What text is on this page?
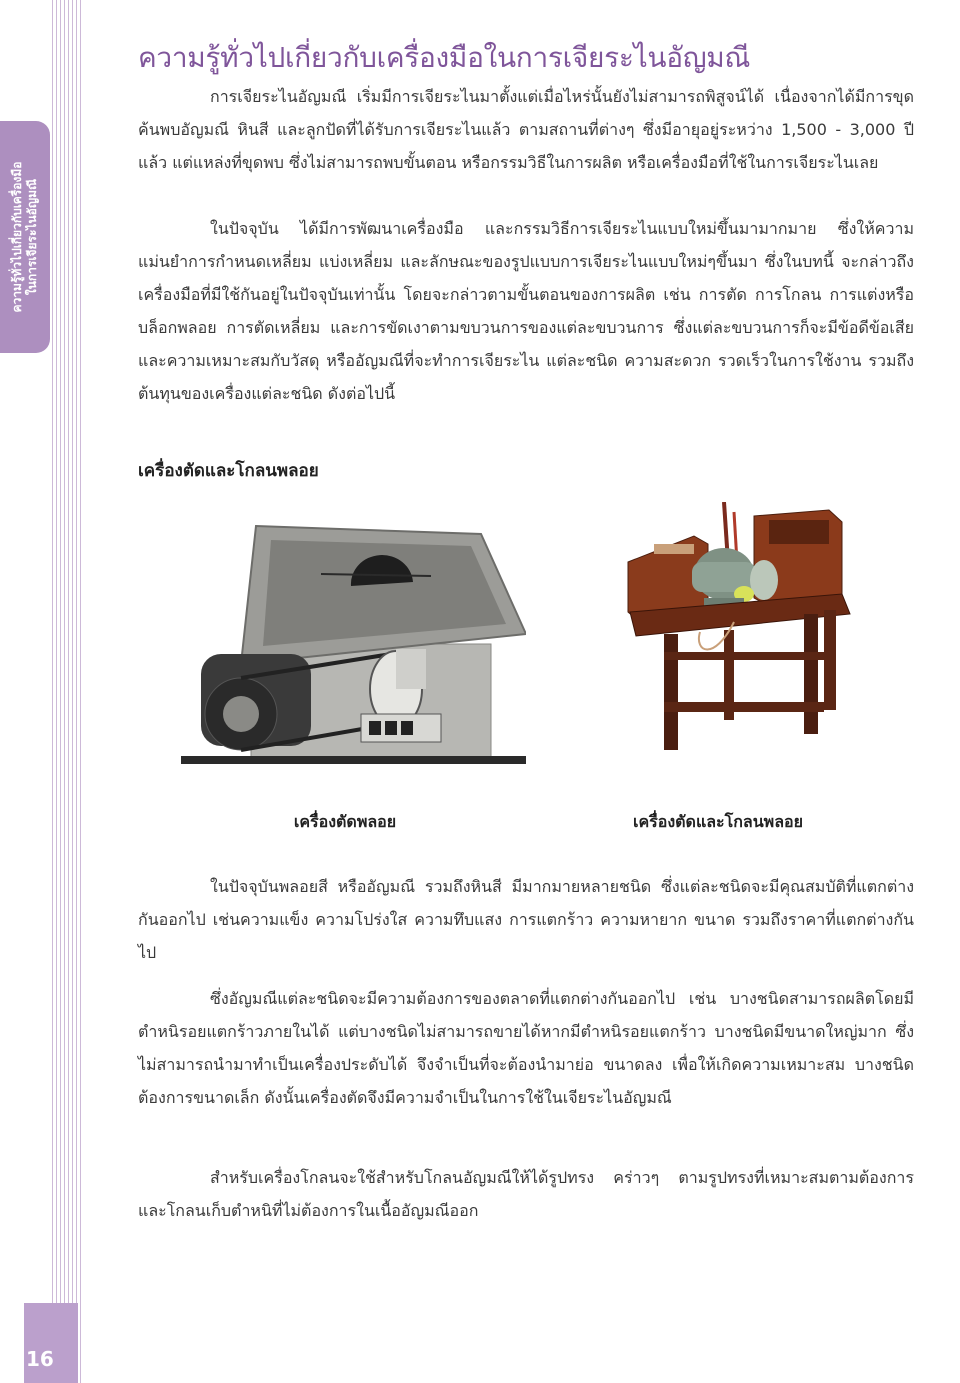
ความรู้ทั่วไปเกี่ยวกับเครื่องมือ ในการเจียระไนอัญมณี
16
ความรู้ทั่วไปเกี่ยวกับเครื่องมือในการเจียระไนอัญมณี

การเจียระไนอัญมณี เริ่มมีการเจียระไนมาตั้งแต่เมื่อไหร่นั้นยังไม่สามารถพิสูจน์ได้ เนื่องจากได้มีการขุดค้นพบอัญมณี หินสี และลูกปัดที่ได้รับการเจียระไนแล้ว ตามสถานที่ต่างๆ ซึ่งมีอายุอยู่ระหว่าง 1,500 - 3,000 ปีแล้ว แต่แหล่งที่ขุดพบ ซึ่งไม่สามารถพบขั้นตอน หรือกรรมวิธีในการผลิต หรือเครื่องมือที่ใช้ในการเจียระไนเลย

ในปัจจุบัน ได้มีการพัฒนาเครื่องมือ และกรรมวิธีการเจียระไนแบบใหม่ขึ้นมามากมาย ซึ่งให้ความแม่นยำการกำหนดเหลี่ยม แบ่งเหลี่ยม และลักษณะของรูปแบบการเจียระไนแบบใหม่ๆขึ้นมา ซึ่งในบทนี้ จะกล่าวถึงเครื่องมือที่มีใช้กันอยู่ในปัจจุบันเท่านั้น โดยจะกล่าวตามขั้นตอนของการผลิต เช่น การตัด การโกลน การแต่งหรือบล็อกพลอย การตัดเหลี่ยม และการขัดเงาตามขบวนการของแต่ละขบวนการ ซึ่งแต่ละขบวนการก็จะมีข้อดีข้อเสีย และความเหมาะสมกับวัสดุ หรืออัญมณีที่จะทำการเจียระไน แต่ละชนิด ความสะดวก รวดเร็วในการใช้งาน รวมถึงต้นทุนของเครื่องแต่ละชนิด ดังต่อไปนี้

เครื่องตัดและโกลนพลอย
เครื่องตัดพลอย	เครื่องตัดและโกลนพลอย

ในปัจจุบันพลอยสี หรืออัญมณี รวมถึงหินสี มีมากมายหลายชนิด ซึ่งแต่ละชนิดจะมีคุณสมบัติที่แตกต่างกันออกไป เช่นความแข็ง ความโปร่งใส ความทึบแสง การแตกร้าว ความหายาก ขนาด รวมถึงราคาที่แตกต่างกันไป

ซึ่งอัญมณีแต่ละชนิดจะมีความต้องการของตลาดที่แตกต่างกันออกไป เช่น บางชนิดสามารถผลิตโดยมีตำหนิรอยแตกร้าวภายในได้ แต่บางชนิดไม่สามารถขายได้หากมีตำหนิรอยแตกร้าว บางชนิดมีขนาดใหญ่มาก ซึ่งไม่สามารถนำมาทำเป็นเครื่องประดับได้ จึงจำเป็นที่จะต้องนำมาย่อ ขนาดลง เพื่อให้เกิดความเหมาะสม บางชนิดต้องการขนาดเล็ก ดังนั้นเครื่องตัดจึงมีความจำเป็นในการใช้ในเจียระไนอัญมณี

สำหรับเครื่องโกลนจะใช้สำหรับโกลนอัญมณีให้ได้รูปทรง คร่าวๆ ตามรูปทรงที่เหมาะสมตามต้องการ และโกลนเก็บตำหนิที่ไม่ต้องการในเนื้ออัญมณีออก
